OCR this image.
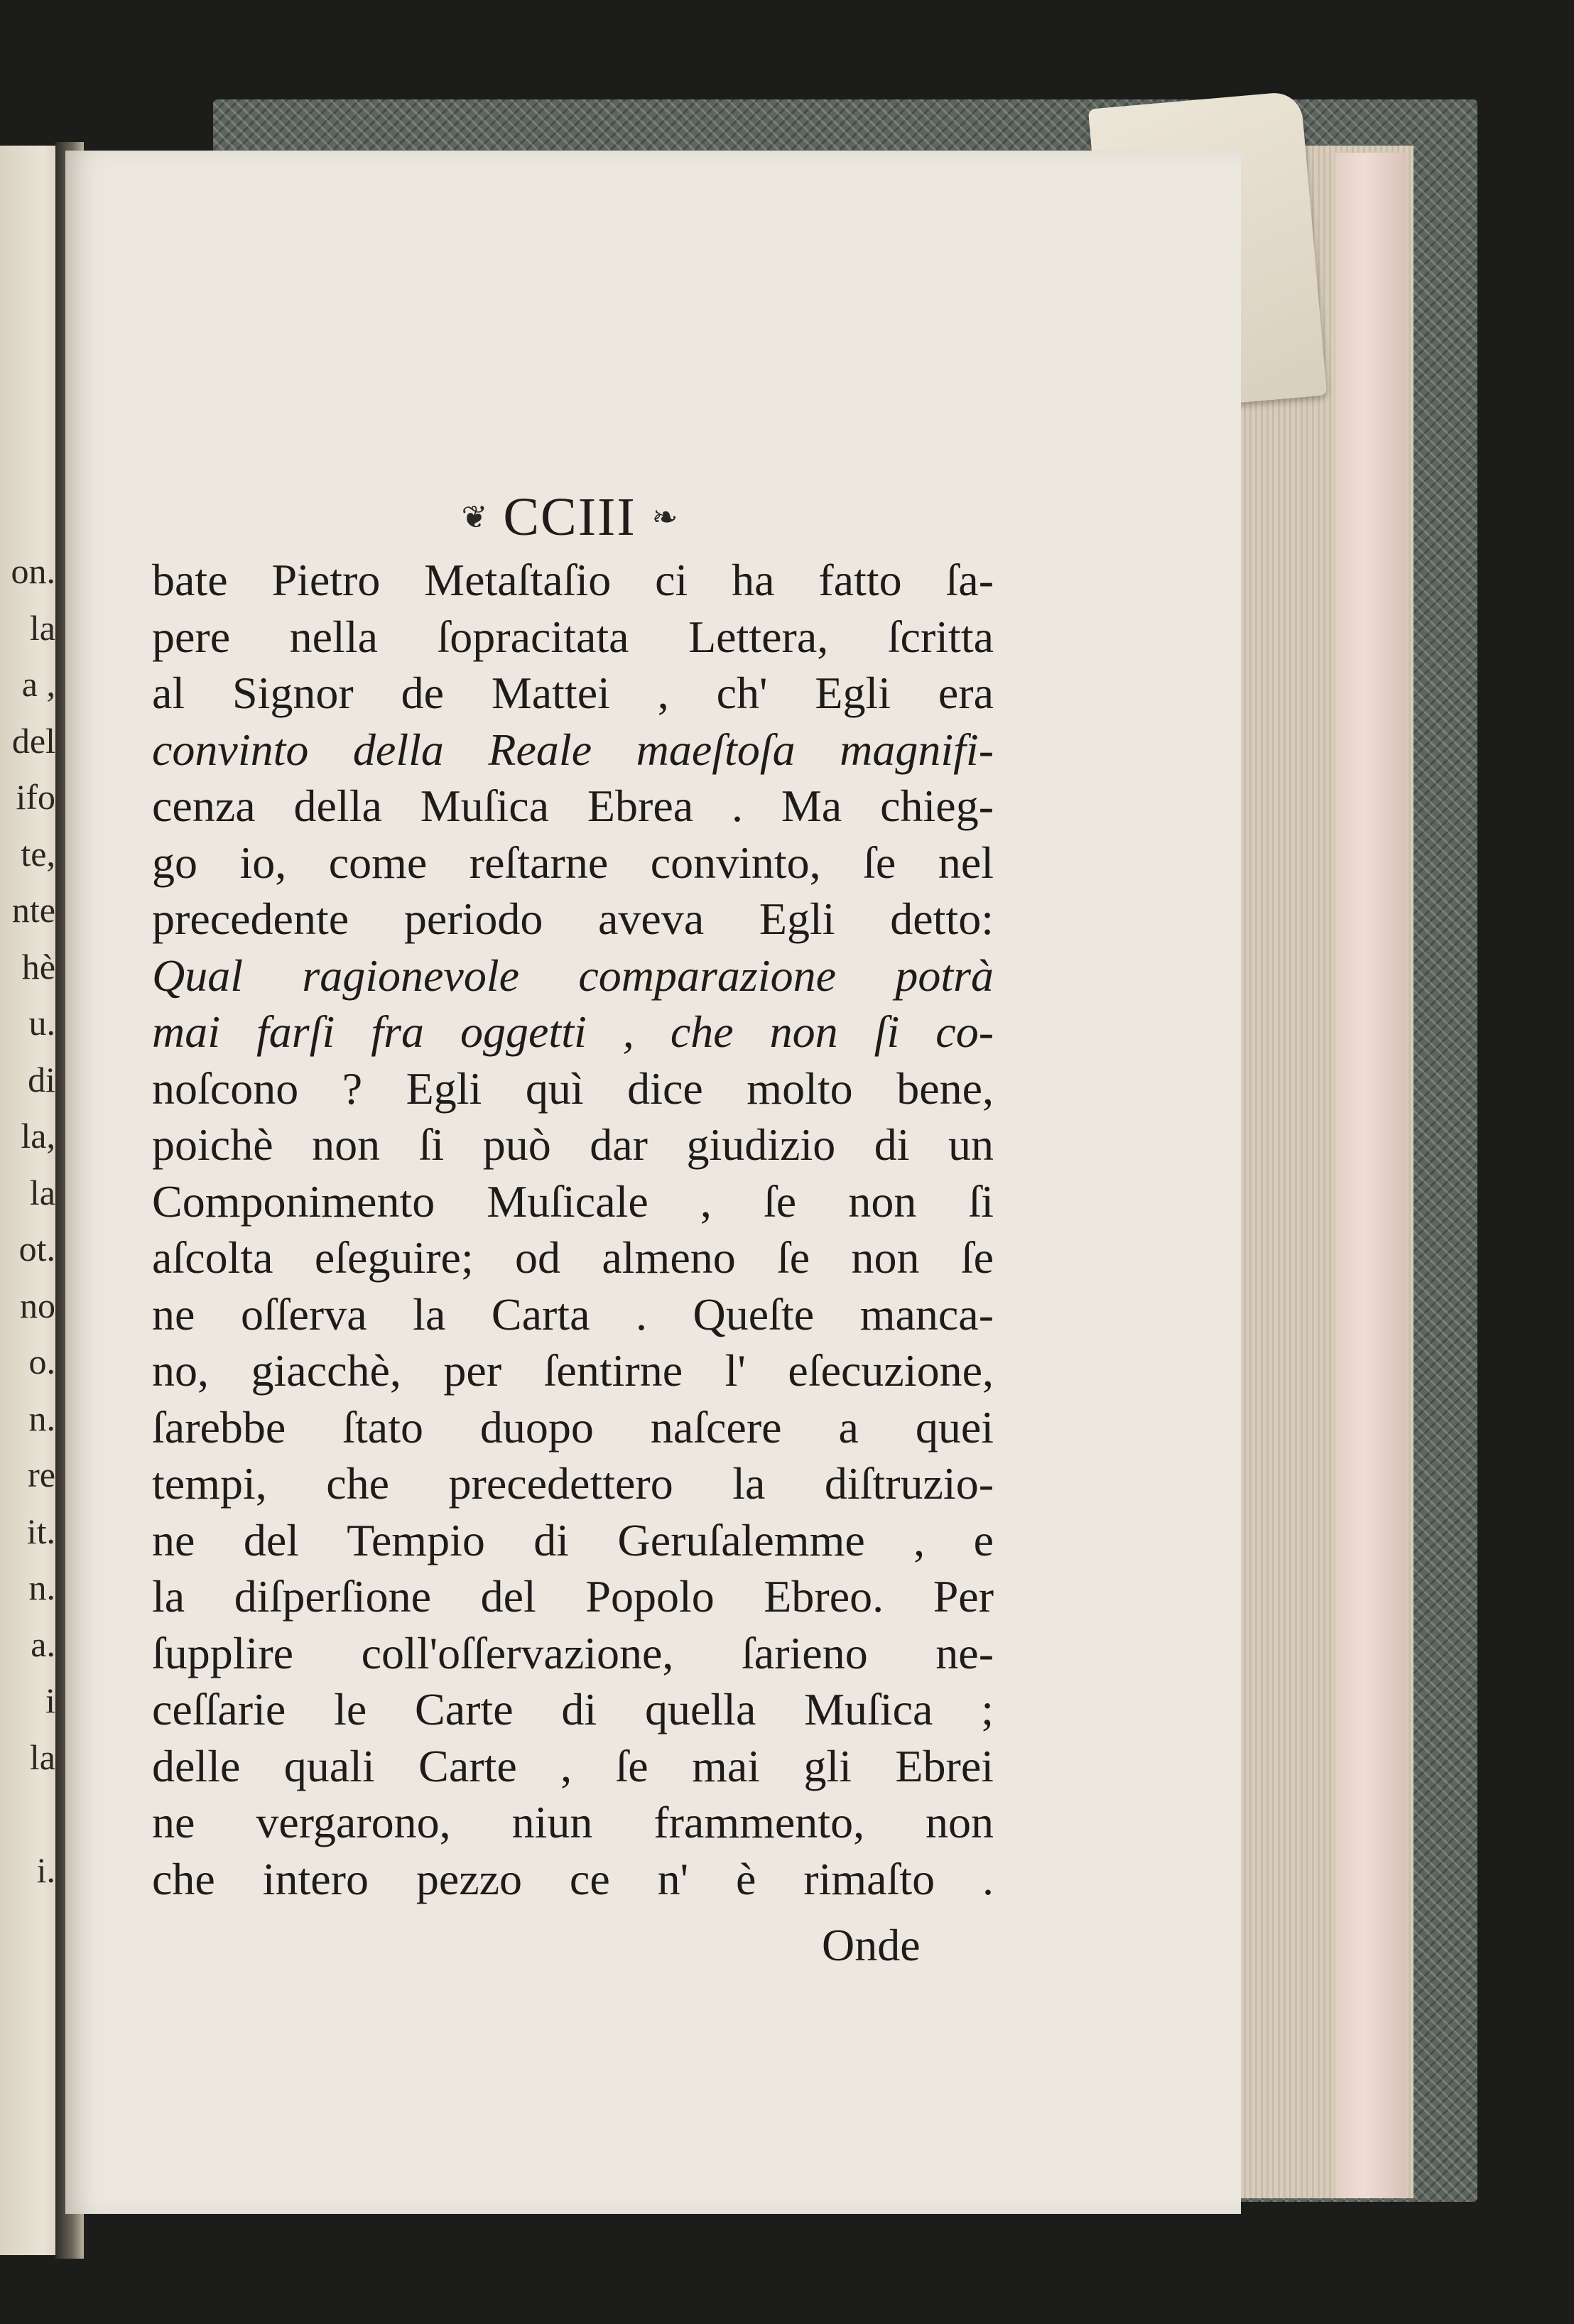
on.
la
a ,
del
ifo
te,
nte
hè
u.
di
la,
la
ot.
no
o.
n.
re
it.
n.
a.
i
la
i.
❦ CCIII ❧
bate Pietro Metaſtaſio ci ha fatto ſa-
pere nella ſopracitata Lettera, ſcritta
al Signor de Mattei , ch' Egli era
convinto della Reale maeſtoſa magnifi-
cenza della Muſica Ebrea . Ma chieg-
go io, come reſtarne convinto, ſe nel
precedente periodo aveva Egli detto:
Qual ragionevole comparazione potrà
mai farſi fra oggetti , che non ſi co-
noſcono ? Egli quì dice molto bene,
poichè non ſi può dar giudizio di un
Componimento Muſicale , ſe non ſi
aſcolta eſeguire; od almeno ſe non ſe
ne oſſerva la Carta . Queſte manca-
no, giacchè, per ſentirne l' eſecuzione,
ſarebbe ſtato duopo naſcere a quei
tempi, che precedettero la diſtruzio-
ne del Tempio di Geruſalemme , e
la diſperſione del Popolo Ebreo. Per
ſupplire coll'oſſervazione, ſarieno ne-
ceſſarie le Carte di quella Muſica ;
delle quali Carte , ſe mai gli Ebrei
ne vergarono, niun frammento, non
che intero pezzo ce n' è rimaſto .
Onde
